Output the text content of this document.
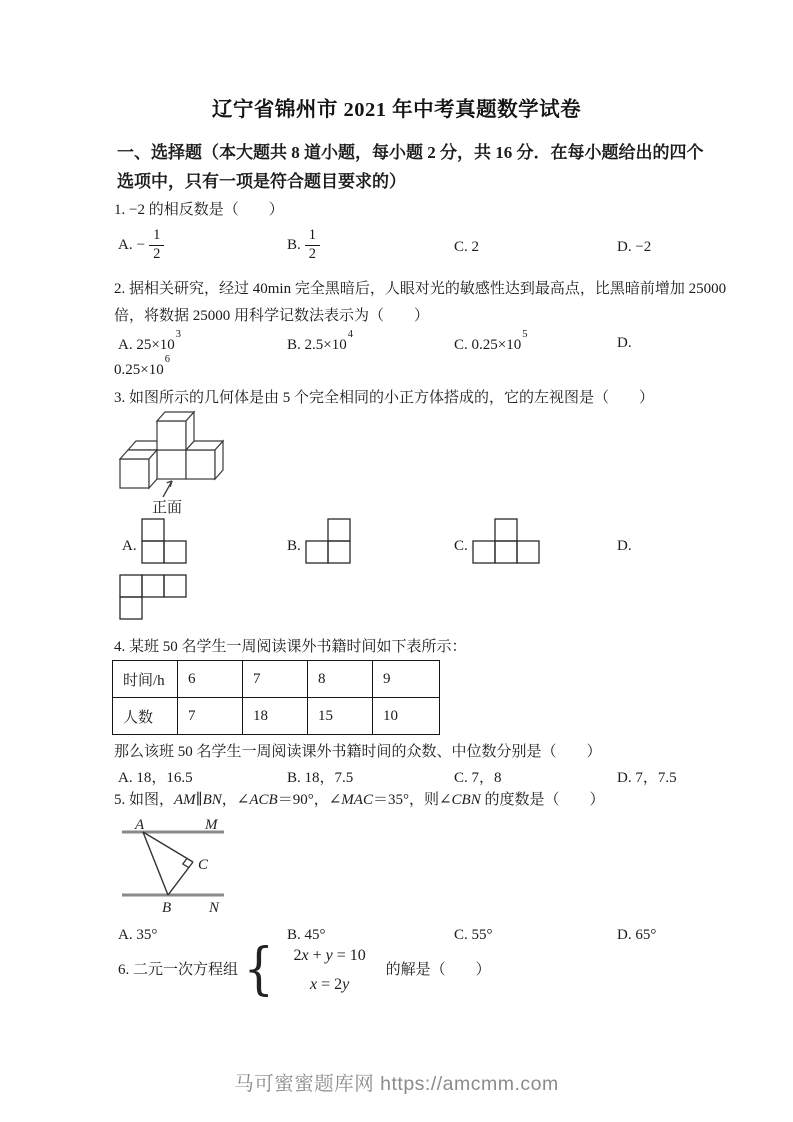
辽宁省锦州市 2021 年中考真题数学试卷
一、选择题（本大题共 8 道小题，每小题 2 分，共 16 分．在每小题给出的四个
选项中，只有一项是符合题目要求的）
1. −2 的相反数是（　　）
A. − $\frac{1}{2}$	B. $\frac{1}{2}$	C. 2	D. −2
2. 据相关研究，经过 40min 完全黑暗后，人眼对光的敏感性达到最高点，比黑暗前增加 25000
倍，将数据 25000 用科学记数法表示为（　　）
A. $25\times 10^3$
B. $2.5\times 10^4$
C. $0.25\times 10^5$
D.
$0.25\times 10^6$
3. 如图所示的几何体是由 5 个完全相同的小正方体搭成的，它的左视图是（　　）
正面
A.	B.	C.	D.
4. 某班 50 名学生一周阅读课外书籍时间如下表所示：
时间/h	6	7	8	9
人数	7	18	15	10
那么该班 50 名学生一周阅读课外书籍时间的众数、中位数分别是（　　）
A. 18，16.5	B. 18，7.5	C. 7，8	D. 7，7.5
5. 如图，AM∥BN，∠ACB＝90°，∠MAC＝35°，则∠CBN 的度数是（　　）
A	M
C
B	N
A. 35°	B. 45°	C. 55°	D. 65°
6. 二元一次方程组 { 2x + y = 10
x = 2y
的解是（　　）
马可蜜蜜题库网 https://amcmm.com
